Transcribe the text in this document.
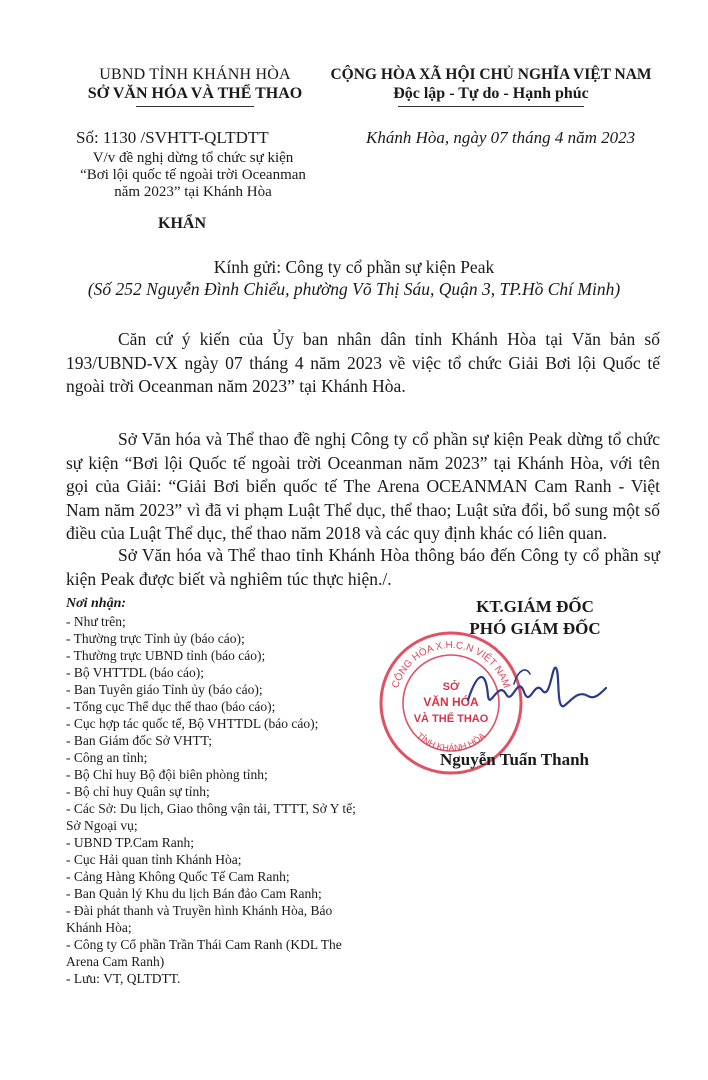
UBND TỈNH KHÁNH HÒA
SỞ VĂN HÓA VÀ THỂ THAO
CỘNG HÒA XÃ HỘI CHỦ NGHĨA VIỆT NAM
Độc lập - Tự do - Hạnh phúc
Số: 1130 /SVHTT-QLTDTT	Khánh Hòa, ngày 07 tháng 4 năm 2023
V/v đề nghị dừng tổ chức sự kiện
“Bơi lội quốc tế ngoài trời Oceanman
năm 2023” tại Khánh Hòa
KHẨN
Kính gửi: Công ty cổ phần sự kiện Peak
(Số 252 Nguyễn Đình Chiểu, phường Võ Thị Sáu, Quận 3, TP.Hồ Chí Minh)
Căn cứ ý kiến của Ủy ban nhân dân tỉnh Khánh Hòa tại Văn bản số 193/UBND-VX ngày 07 tháng 4 năm 2023 về việc tổ chức Giải Bơi lội Quốc tế ngoài trời Oceanman năm 2023” tại Khánh Hòa.
Sở Văn hóa và Thể thao đề nghị Công ty cổ phần sự kiện Peak dừng tổ chức sự kiện “Bơi lội Quốc tế ngoài trời Oceanman năm 2023” tại Khánh Hòa, với tên gọi của Giải: “Giải Bơi biển quốc tế The Arena OCEANMAN Cam Ranh - Việt Nam năm 2023” vì đã vi phạm Luật Thể dục, thể thao; Luật sửa đổi, bổ sung một số điều của Luật Thể dục, thể thao năm 2018 và các quy định khác có liên quan.
Sở Văn hóa và Thể thao tỉnh Khánh Hòa thông báo đến Công ty cổ phần sự kiện Peak được biết và nghiêm túc thực hiện./.
Nơi nhận:
- Như trên;
- Thường trực Tỉnh ủy (báo cáo);
- Thường trực UBND tỉnh (báo cáo);
- Bộ VHTTDL (báo cáo);
- Ban Tuyên giáo Tỉnh ủy (báo cáo);
- Tổng cục Thể dục thể thao (báo cáo);
- Cục hợp tác quốc tế, Bộ VHTTDL (báo cáo);
- Ban Giám đốc Sở VHTT;
- Công an tỉnh;
- Bộ Chỉ huy Bộ đội biên phòng tỉnh;
- Bộ chỉ huy Quân sự tỉnh;
- Các Sở: Du lịch, Giao thông vận tải, TTTT, Sở Y tế; Sở Ngoại vụ;
- UBND TP.Cam Ranh;
- Cục Hải quan tỉnh Khánh Hòa;
- Cảng Hàng Không Quốc Tế Cam Ranh;
- Ban Quản lý Khu du lịch Bán đảo Cam Ranh;
- Đài phát thanh và Truyền hình Khánh Hòa, Báo Khánh Hòa;
- Công ty Cổ phần Trần Thái Cam Ranh (KDL The Arena Cam Ranh)
- Lưu: VT, QLTDTT.
CỘNG HÒA X.H.C.N VIỆT NAM
TỈNH KHÁNH HÒA
SỞ
VĂN HÓA
VÀ THỂ THAO
KT.GIÁM ĐỐC
PHÓ GIÁM ĐỐC
Nguyễn Tuấn Thanh
